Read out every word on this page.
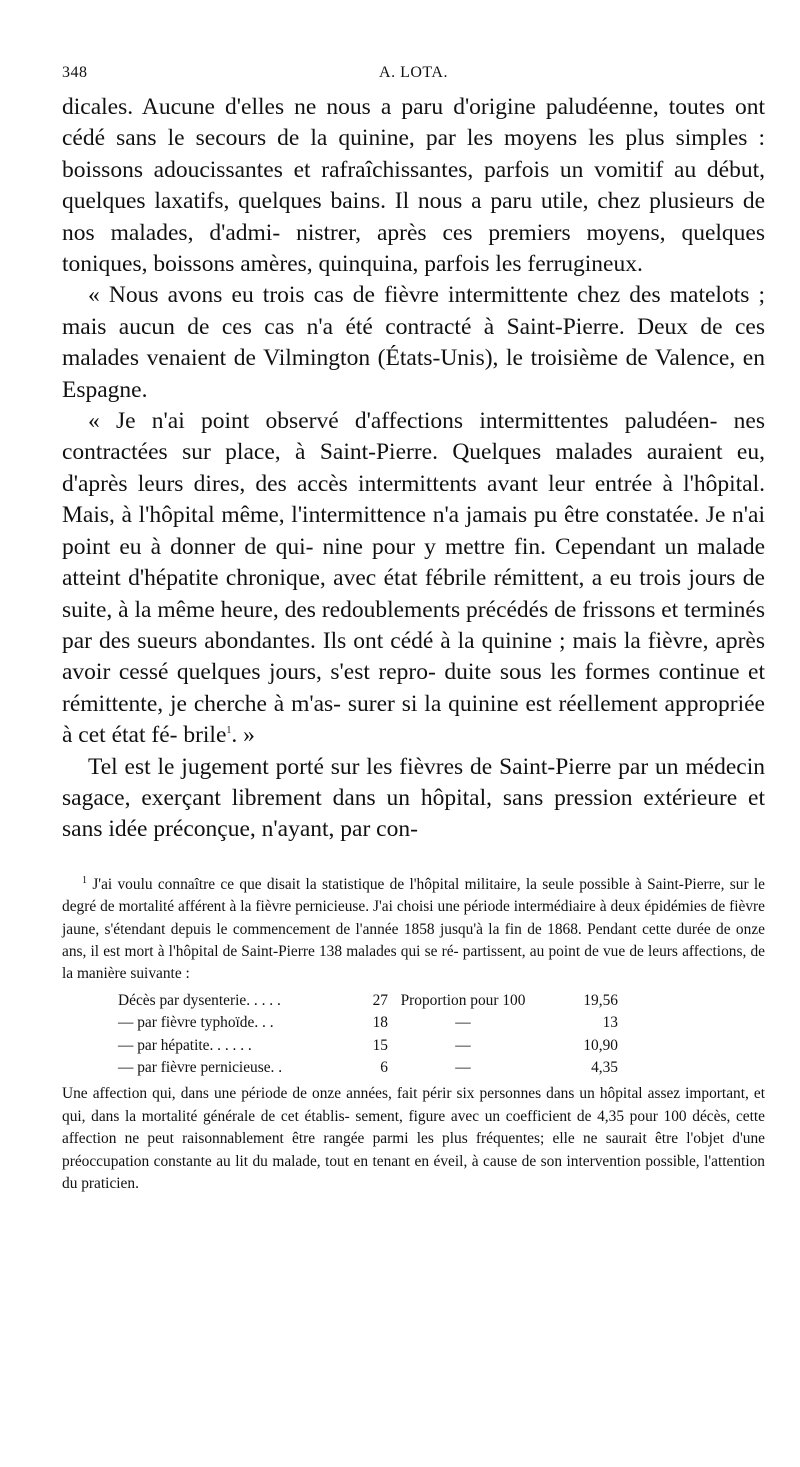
348	A. LOTA.

dicales. Aucune d'elles ne nous a paru d'origine paludéenne, toutes ont cédé sans le secours de la quinine, par les moyens les plus simples : boissons adoucissantes et rafraîchissantes, parfois un vomitif au début, quelques laxatifs, quelques bains. Il nous a paru utile, chez plusieurs de nos malades, d'admi- nistrer, après ces premiers moyens, quelques toniques, boissons amères, quinquina, parfois les ferrugineux.

« Nous avons eu trois cas de fièvre intermittente chez des matelots ; mais aucun de ces cas n'a été contracté à Saint-Pierre. Deux de ces malades venaient de Vilmington (États-Unis), le troisième de Valence, en Espagne.

« Je n'ai point observé d'affections intermittentes paludéen- nes contractées sur place, à Saint-Pierre. Quelques malades auraient eu, d'après leurs dires, des accès intermittents avant leur entrée à l'hôpital. Mais, à l'hôpital même, l'intermittence n'a jamais pu être constatée. Je n'ai point eu à donner de qui- nine pour y mettre fin. Cependant un malade atteint d'hépatite chronique, avec état fébrile rémittent, a eu trois jours de suite, à la même heure, des redoublements précédés de frissons et terminés par des sueurs abondantes. Ils ont cédé à la quinine ; mais la fièvre, après avoir cessé quelques jours, s'est repro- duite sous les formes continue et rémittente, je cherche à m'as- surer si la quinine est réellement appropriée à cet état fé- brile$^1$. »

Tel est le jugement porté sur les fièvres de Saint-Pierre par un médecin sagace, exerçant librement dans un hôpital, sans pression extérieure et sans idée préconçue, n'ayant, par con-

$^1$ J'ai voulu connaître ce que disait la statistique de l'hôpital militaire, la seule possible à Saint-Pierre, sur le degré de mortalité afférent à la fièvre pernicieuse. J'ai choisi une période intermédiaire à deux épidémies de fièvre jaune, s'étendant depuis le commencement de l'année 1858 jusqu'à la fin de 1868. Pendant cette durée de onze ans, il est mort à l'hôpital de Saint-Pierre 138 malades qui se ré- partissent, au point de vue de leurs affections, de la manière suivante :

Décès par dysenterie. . . . .	27	Proportion pour 100	19,56
— par fièvre typhoïde. . .	18	—	13
— par hépatite. . . . . .	15	—	10,90
— par fièvre pernicieuse. .	6	—	4,35

Une affection qui, dans une période de onze années, fait périr six personnes dans un hôpital assez important, et qui, dans la mortalité générale de cet établis- sement, figure avec un coefficient de 4,35 pour 100 décès, cette affection ne peut raisonnablement être rangée parmi les plus fréquentes; elle ne saurait être l'objet d'une préoccupation constante au lit du malade, tout en tenant en éveil, à cause de son intervention possible, l'attention du praticien.
